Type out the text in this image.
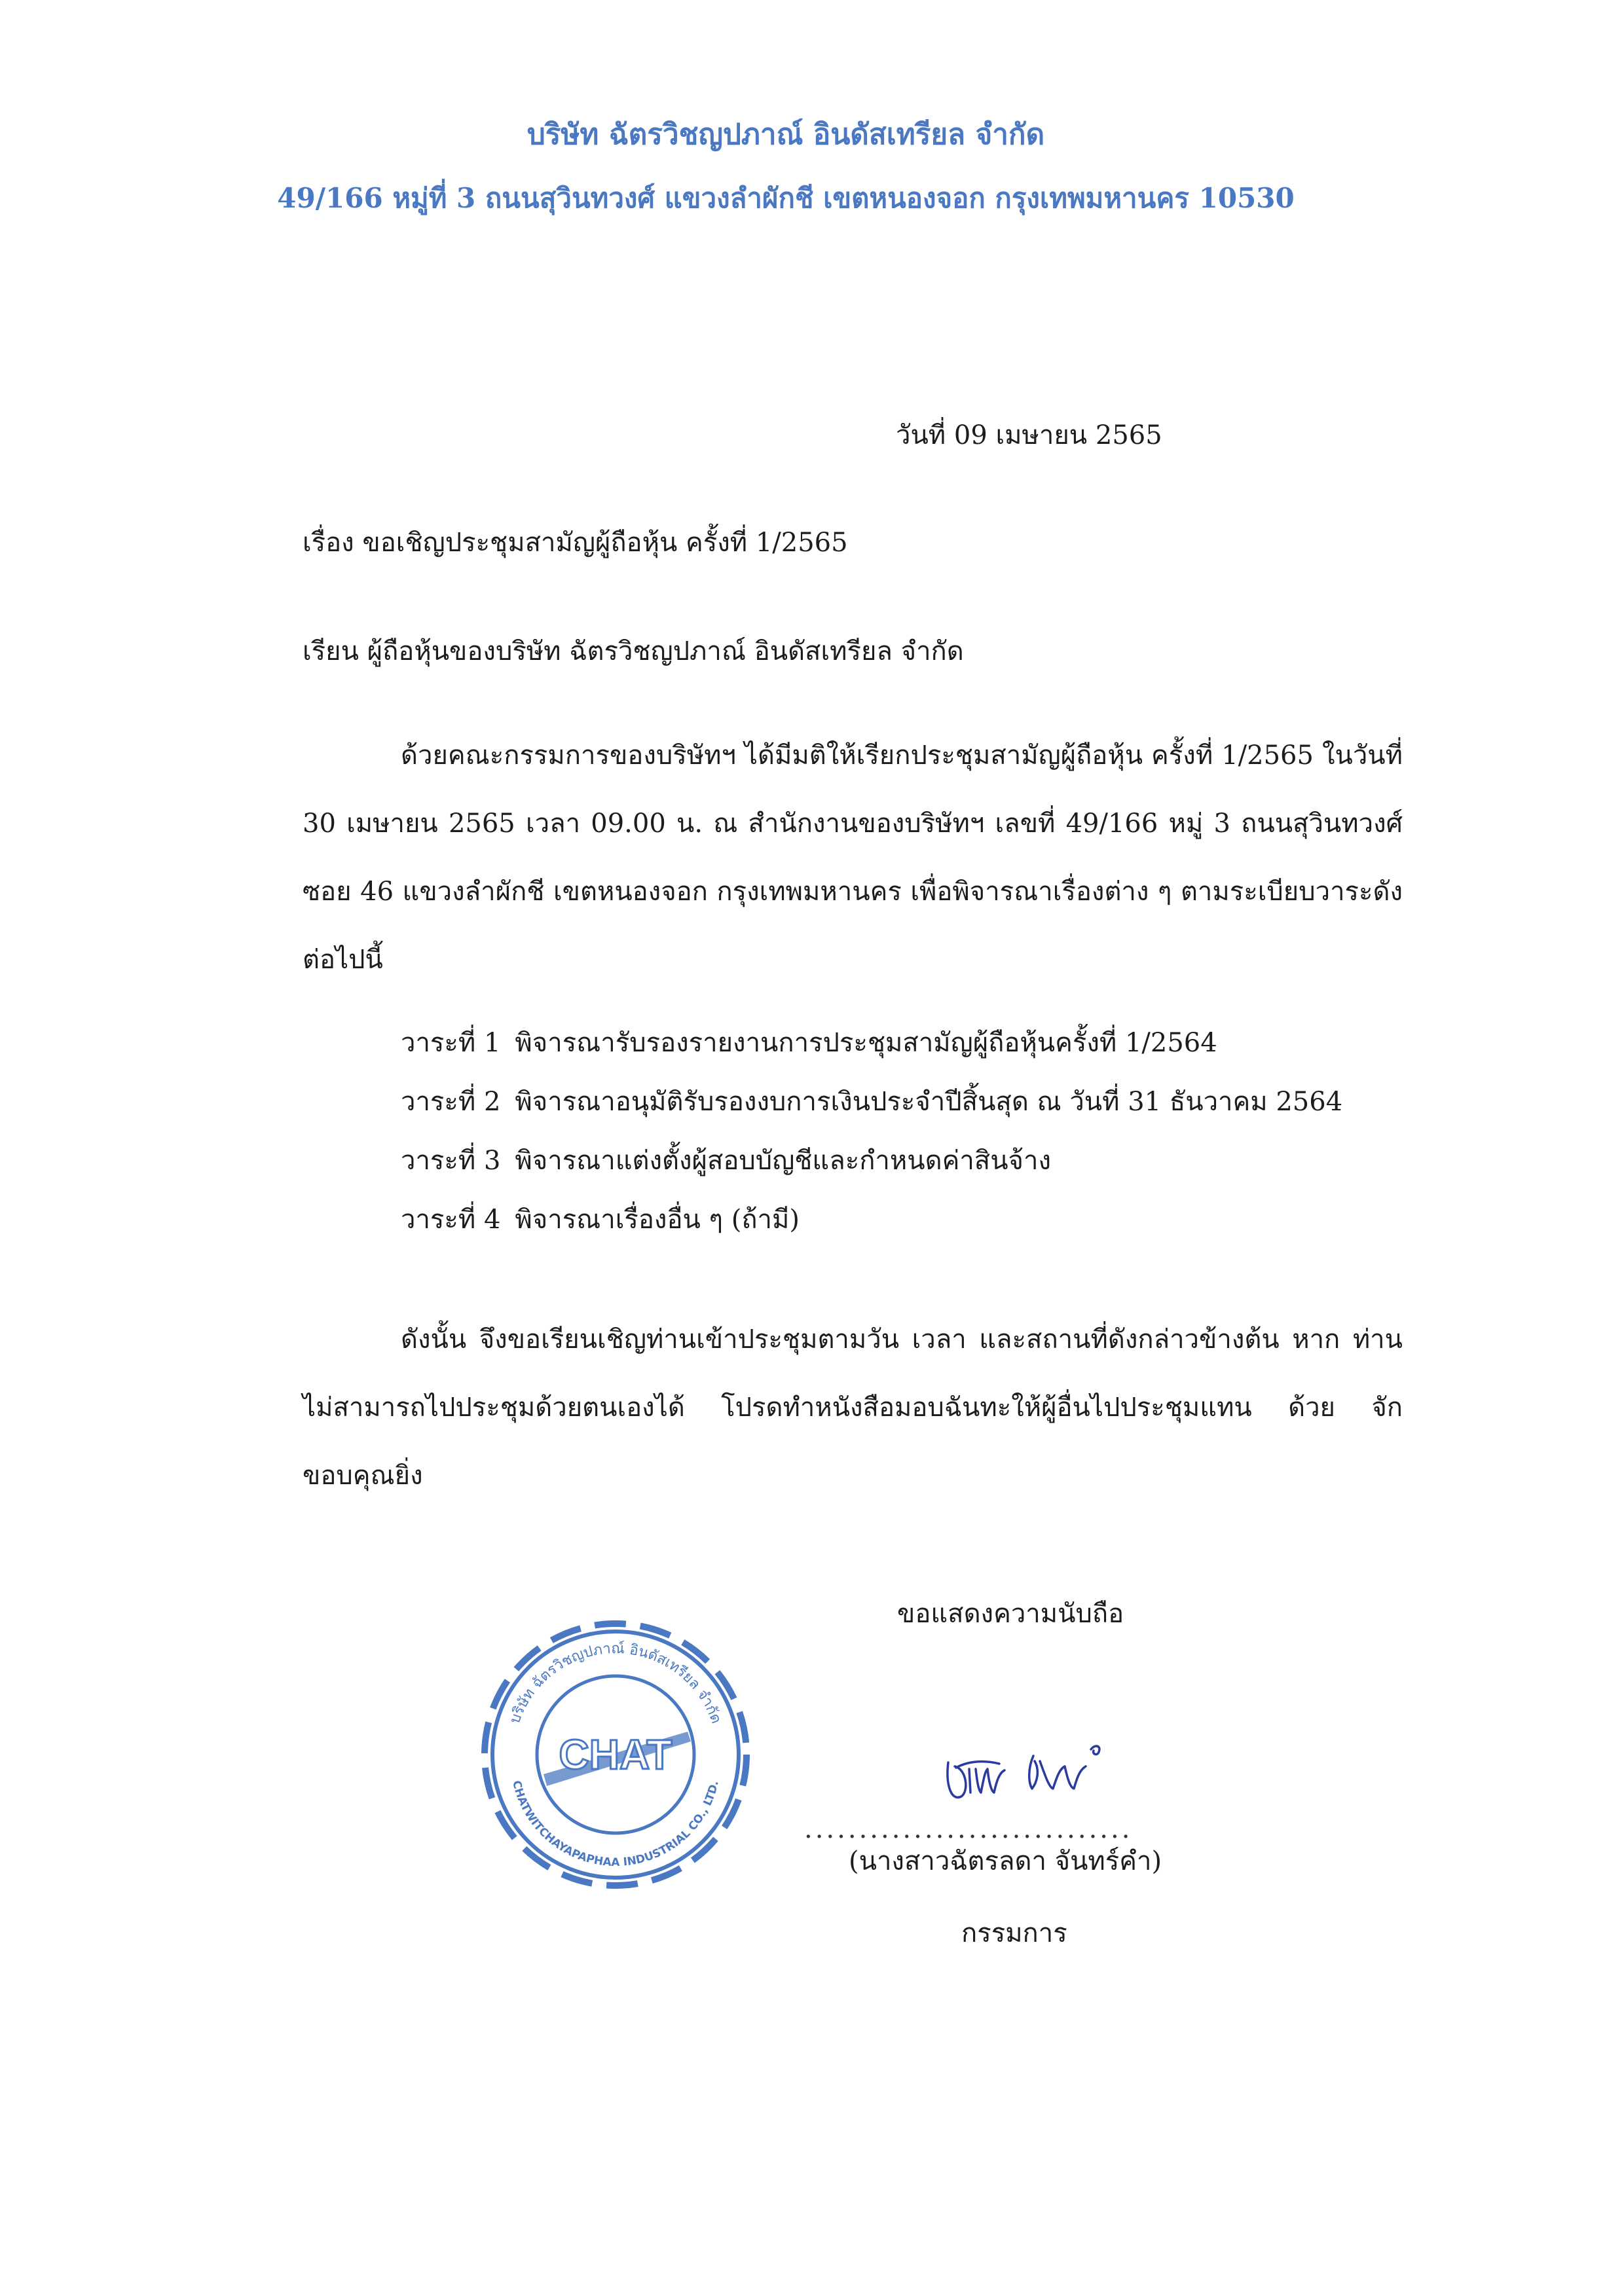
บริษัท ฉัตรวิชญปภาณ์ อินดัสเทรียล จำกัด
49/166 หมู่ที่ 3 ถนนสุวินทวงศ์ แขวงลำผักชี เขตหนองจอก กรุงเทพมหานคร 10530
วันที่ 09 เมษายน 2565
เรื่อง ขอเชิญประชุมสามัญผู้ถือหุ้น ครั้งที่ 1/2565
เรียน ผู้ถือหุ้นของบริษัท ฉัตรวิชญปภาณ์ อินดัสเทรียล จำกัด
ด้วยคณะกรรมการของบริษัทฯ ได้มีมติให้เรียกประชุมสามัญผู้ถือหุ้น ครั้งที่ 1/2565 ในวันที่ 30 เมษายน 2565 เวลา 09.00 น. ณ สำนักงานของบริษัทฯ เลขที่ 49/166 หมู่ 3 ถนนสุวินทวงศ์ ซอย 46 แขวงลำผักชี เขตหนองจอก กรุงเทพมหานคร เพื่อพิจารณาเรื่องต่าง ๆ ตามระเบียบวาระดังต่อไปนี้
วาระที่ 1 พิจารณารับรองรายงานการประชุมสามัญผู้ถือหุ้นครั้งที่ 1/2564
วาระที่ 2 พิจารณาอนุมัติรับรองงบการเงินประจำปีสิ้นสุด ณ วันที่ 31 ธันวาคม 2564
วาระที่ 3 พิจารณาแต่งตั้งผู้สอบบัญชีและกำหนดค่าสินจ้าง
วาระที่ 4 พิจารณาเรื่องอื่น ๆ (ถ้ามี)
ดังนั้น จึงขอเรียนเชิญท่านเข้าประชุมตามวัน เวลา และสถานที่ดังกล่าวข้างต้น หาก ท่านไม่สามารถไปประชุมด้วยตนเองได้ โปรดทำหนังสือมอบฉันทะให้ผู้อื่นไปประชุมแทน ด้วย จักขอบคุณยิ่ง
ขอแสดงความนับถือ
บริษัท ฉัตรวิชญปภาณ์ อินดัสเทรียล จำกัด
CHATWITCHAYAPAPHAA INDUSTRIAL CO., LTD.
CHAT
..............................
(นางสาวฉัตรลดา จันทร์คำ)
กรรมการ
